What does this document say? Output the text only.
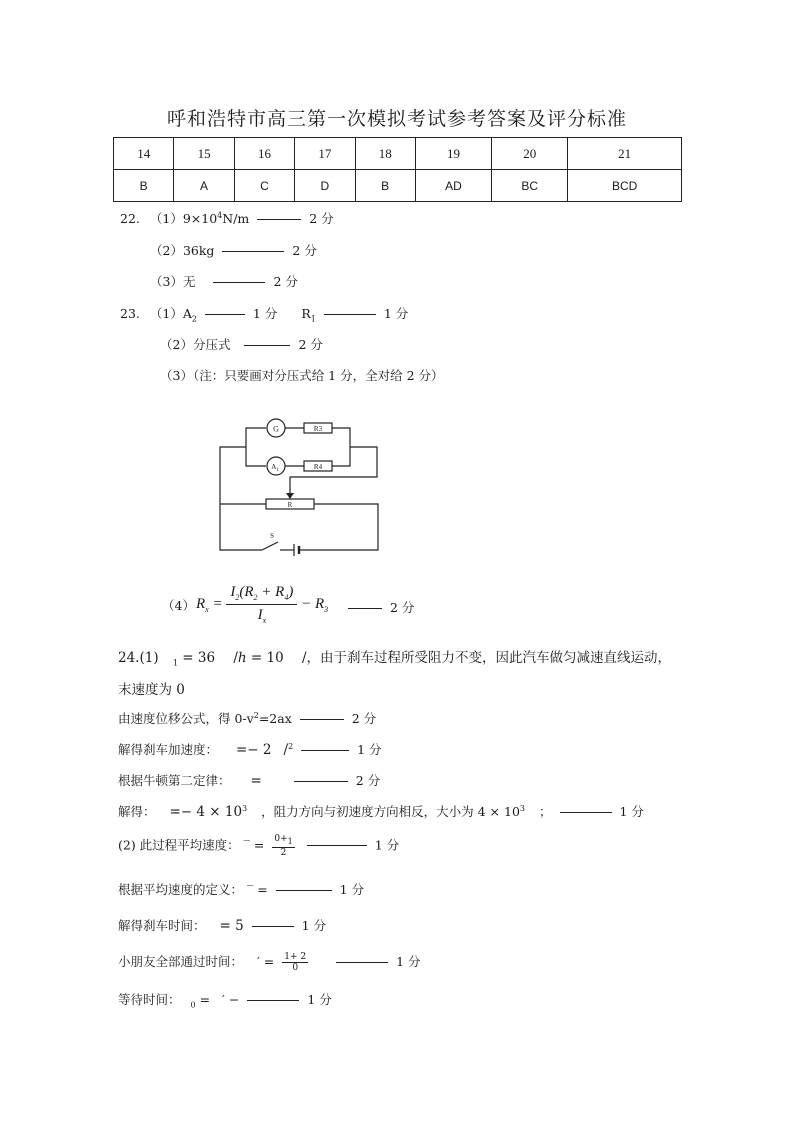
呼和浩特市高三第一次模拟考试参考答案及评分标准
14	15	16	17	18	19	20	21
B	A	C	D	B	AD	BC	BCD
22. $(1)9\times 10^4N/m$	2 分
（2）36kg	2 分
（3）无	2 分
23. $(1)A_2$	1 分 $R_1$	1 分
（2）分压式	2 分
（3）（注：只要画对分压式给 1 分，全对给 2 分）
G	R3
$A_1$	R4
R
S
（4） $R_x = \frac{I_2(R_2 + R_4)}{I_x} - R_3$	2 分
24.(1) $_1$ = 36 /ℎ = 10 /，由于刹车过程所受阻力不变，因此汽车做匀减速直线运动，
末速度为 0
由速度位移公式，得 $0-v^2=2ax$	2 分
解得刹车加速度： =− 2 /$^2$	1 分
根据牛顿第二定律： =	2 分
解得： =− $4 \times 10^3$ ，阻力方向与初速度方向相反，大小为 $4 \times 10^3$ ；	1 分
(2) 此过程平均速度： ‾ = $\frac{0+_1}{2}$	1 分
根据平均速度的定义： ‾ =	1 分
解得刹车时间： = 5	1 分
小朋友全部通过时间： ′ = $\frac{1+ 2}{0}$	1 分
等待时间： $_0$ = ′ −	1 分
